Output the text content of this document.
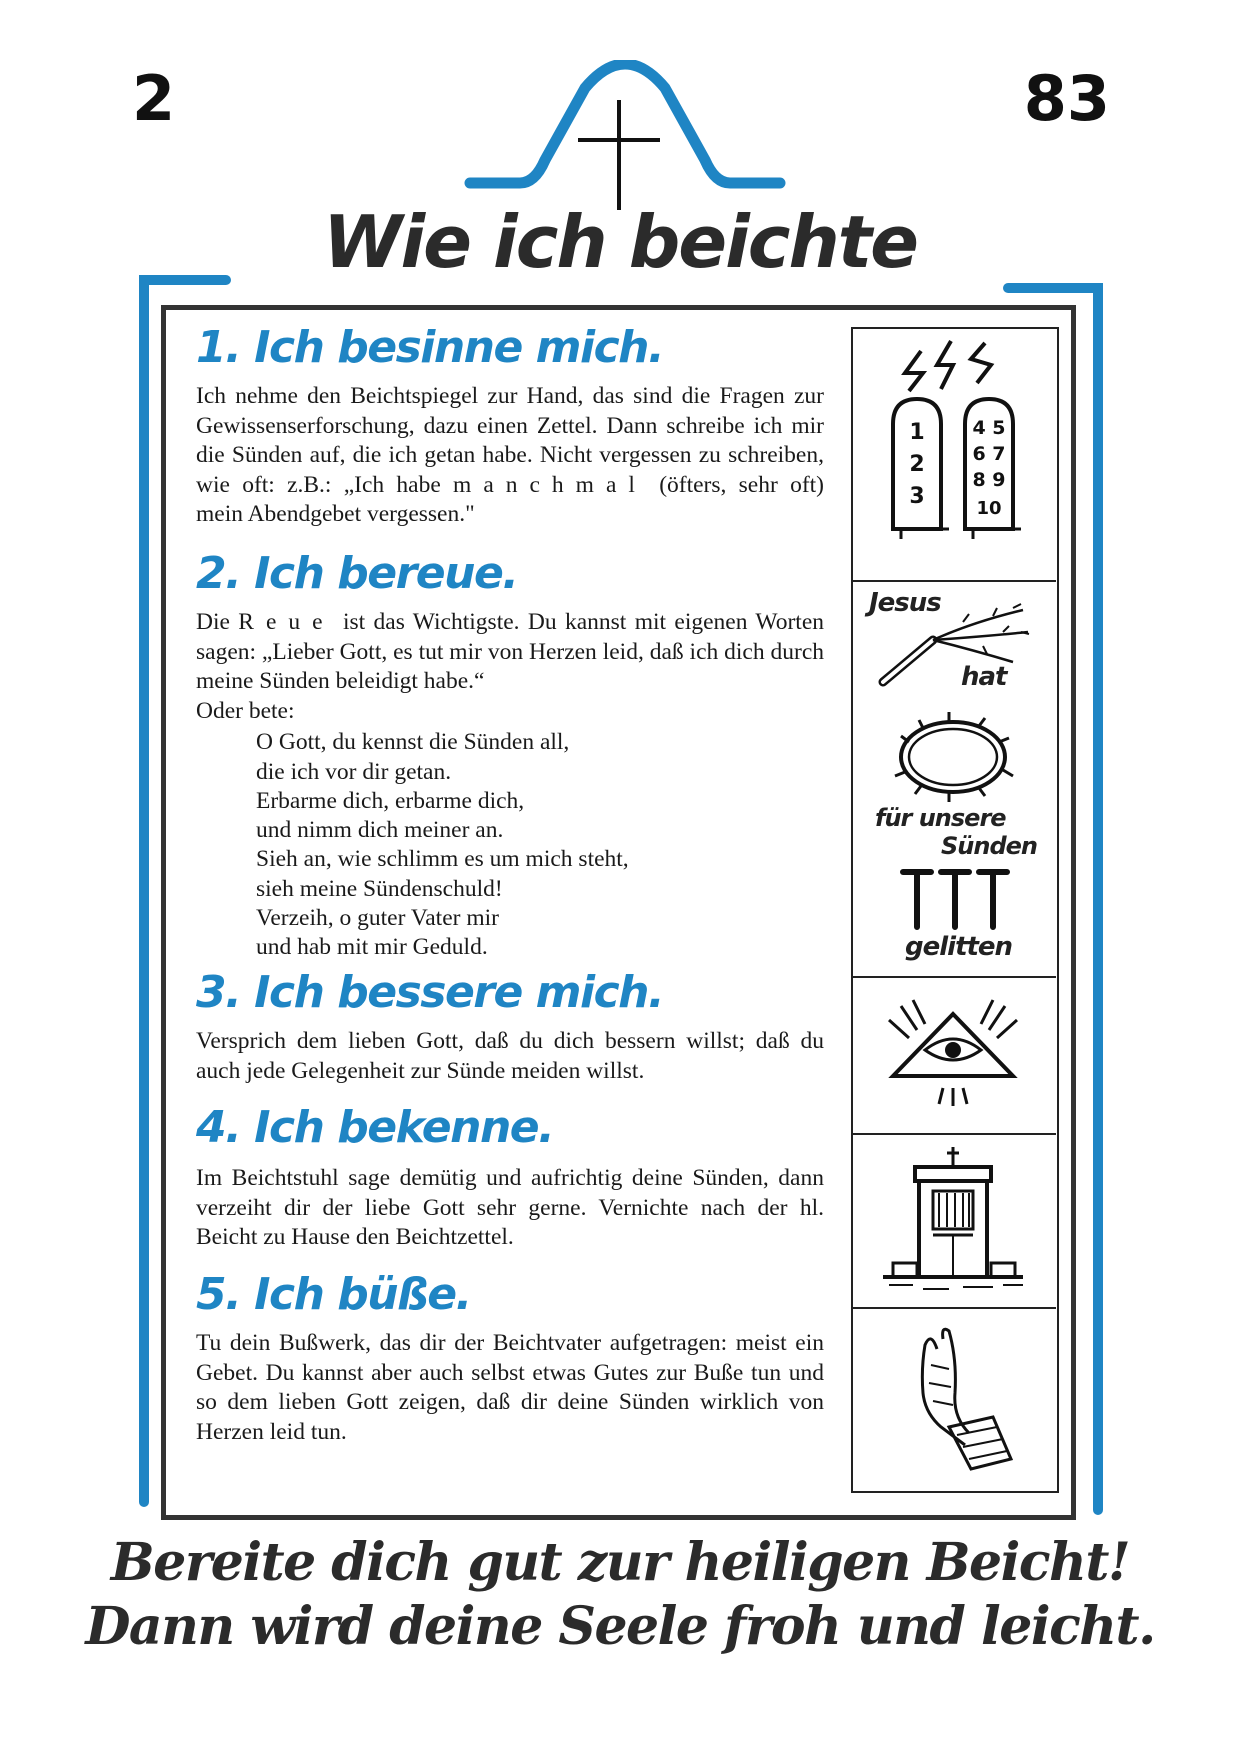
2	83
Wie ich beichte
1. Ich besinne mich.

Ich nehme den Beichtspiegel zur Hand, das sind die Fragen zur Gewissenserforschung, dazu einen Zettel. Dann schreibe ich mir die Sünden auf, die ich getan habe. Nicht vergessen zu schreiben, wie oft: z.B.: „Ich habe manchmal (öfters, sehr oft) mein Abendgebet vergessen."

2. Ich bereue.

Die Reue ist das Wichtigste. Du kannst mit eigenen Worten sagen: „Lieber Gott, es tut mir von Herzen leid, daß ich dich durch meine Sünden beleidigt habe.“

Oder bete:

O Gott, du kennst die Sünden all,
die ich vor dir getan.
Erbarme dich, erbarme dich,
und nimm dich meiner an.
Sieh an, wie schlimm es um mich steht,
sieh meine Sündenschuld!
Verzeih, o guter Vater mir
und hab mit mir Geduld.
3. Ich bessere mich.

Versprich dem lieben Gott, daß du dich bessern willst; daß du auch jede Gelegenheit zur Sünde meiden willst.

4. Ich bekenne.

Im Beichtstuhl sage demütig und aufrichtig deine Sünden, dann verzeiht dir der liebe Gott sehr gerne. Vernichte nach der hl. Beicht zu Hause den Beichtzettel.

5. Ich büße.

Tu dein Bußwerk, das dir der Beichtvater aufgetragen: meist ein Gebet. Du kannst aber auch selbst etwas Gutes zur Buße tun und so dem lieben Gott zeigen, daß dir deine Sünden wirklich von Herzen leid tun.

1
2
3
4 5
6 7
8 9
10
Jesus
hat
für unsere
Sünden
gelitten
Bereite dich gut zur heiligen Beicht!
Dann wird deine Seele froh und leicht.
